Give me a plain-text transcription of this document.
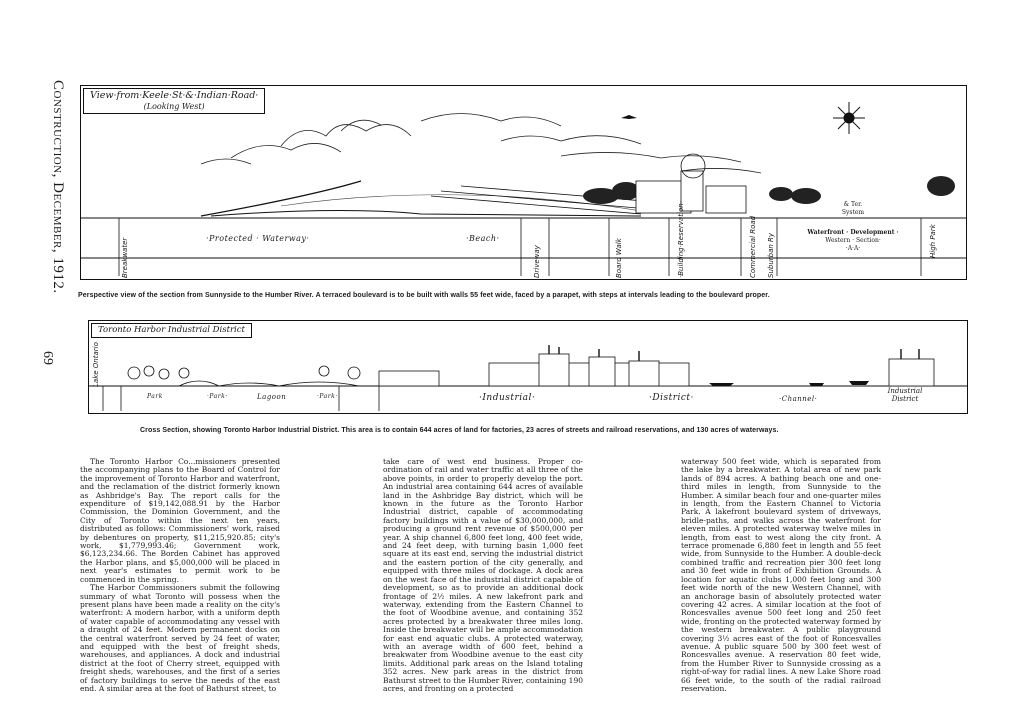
Construction, December, 1912.
69
View·from·Keele·St·&·Indian·Road·
(Looking West)
Breakwater	·Protected · Waterway·	·Beach·
Driveway	Board Walk	·Building·Reservation·	Commercial Road Suburban Ry	High Park
& Ter.
System
Waterfront · Development ·
Western · Section·
·A·A·
Perspective view of the section from Sunnyside to the Humber River. A terraced boulevard is to be built with walls 55 feet wide, faced by a parapet, with steps at intervals leading to the boulevard proper.
Toronto Harbor Industrial District
Lake Ontario
Park	·Park·	Lagoon	·Park·	·Industrial·	·District·	·Channel·
Industrial
District
Cross Section, showing Toronto Harbor Industrial District. This area is to contain 644 acres of land for factories, 23 acres of streets and railroad reservations, and 130 acres of waterways.

The Toronto Harbor Co...missioners presented the accompanying plans to the Board of Control for the improvement of Toronto Harbor and waterfront, and the reclamation of the district formerly known as Ashbridge's Bay. The report calls for the expenditure of $19,142,088.91 by the Harbor Commission, the Dominion Government, and the City of Toronto within the next ten years, distributed as follows: Commissioners' work, raised by debentures on property, $11,215,920.85; city's work, $1,779,993.46; Government work, $6,123,234.66. The Borden Cabinet has approved the Harbor plans, and $5,000,000 will be placed in next year's estimates to permit work to be commenced in the spring.

The Harbor Commissioners submit the following summary of what Toronto will possess when the present plans have been made a reality on the city's waterfront: A modern harbor, with a uniform depth of water capable of accommodating any vessel with a draught of 24 feet. Modern permanent docks on the central waterfront served by 24 feet of water, and equipped with the best of freight sheds, warehouses, and appliances. A dock and industrial district at the foot of Cherry street, equipped with freight sheds, warehouses, and the first of a series of factory buildings to serve the needs of the east end. A similar area at the foot of Bathurst street, to

take care of west end business. Proper co-ordination of rail and water traffic at all three of the above points, in order to properly develop the port. An industrial area containing 644 acres of available land in the Ashbridge Bay district, which will be known in the future as the Toronto Harbor Industrial district, capable of accommodating factory buildings with a value of $30,000,000, and producing a ground rent revenue of $500,000 per year. A ship channel 6,800 feet long, 400 feet wide, and 24 feet deep, with turning basin 1,000 feet square at its east end, serving the industrial district and the eastern portion of the city generally, and equipped with three miles of dockage. A dock area on the west face of the industrial district capable of development, so as to provide an additional dock frontage of 2½ miles. A new lakefront park and waterway, extending from the Eastern Channel to the foot of Woodbine avenue, and containing 352 acres protected by a breakwater three miles long. Inside the breakwater will be ample accommodation for east end aquatic clubs. A protected waterway, with an average width of 600 feet, behind a breakwater from Woodbine avenue to the east city limits. Additional park areas on the Island totaling 352 acres. New park areas in the district from Bathurst street to the Humber River, containing 190 acres, and fronting on a protected

waterway 500 feet wide, which is separated from the lake by a breakwater. A total area of new park lands of 894 acres. A bathing beach one and one-third miles in length, from Sunnyside to the Humber. A similar beach four and one-quarter miles in length, from the Eastern Channel to Victoria Park. A lakefront boulevard system of driveways, bridle-paths, and walks across the waterfront for eleven miles. A protected waterway twelve miles in length, from east to west along the city front. A terrace promenade 6,880 feet in length and 55 feet wide, from Sunnyside to the Humber. A double-deck combined traffic and recreation pier 300 feet long and 30 feet wide in front of Exhibition Grounds. A location for aquatic clubs 1,000 feet long and 300 feet wide north of the new Western Channel, with an anchorage basin of absolutely protected water covering 42 acres. A similar location at the foot of Roncesvalles avenue 500 feet long and 250 feet wide, fronting on the protected waterway formed by the western breakwater. A public playground covering 3½ acres east of the foot of Roncesvalles avenue. A public square 500 by 300 feet west of Roncesvalles avenue. A reservation 80 feet wide, from the Humber River to Sunnyside crossing as a right-of-way for radial lines. A new Lake Shore road 66 feet wide, to the south of the radial railroad reservation.
